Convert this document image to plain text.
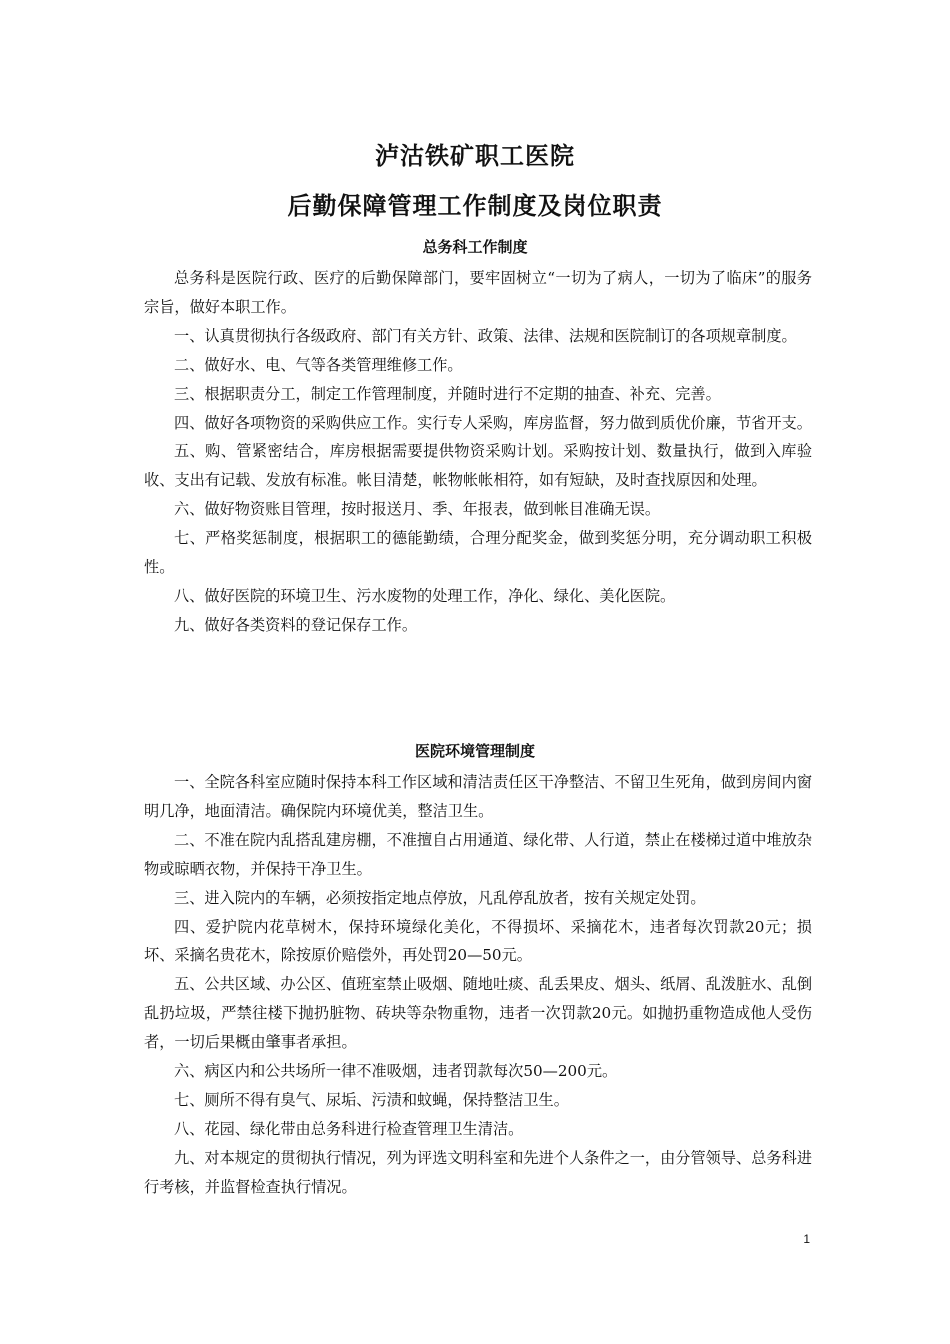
泸沽铁矿职工医院
后勤保障管理工作制度及岗位职责
总务科工作制度

总务科是医院行政、医疗的后勤保障部门，要牢固树立“一切为了病人，一切为了临床”的服务宗旨，做好本职工作。

一、认真贯彻执行各级政府、部门有关方针、政策、法律、法规和医院制订的各项规章制度。

二、做好水、电、气等各类管理维修工作。

三、根据职责分工，制定工作管理制度，并随时进行不定期的抽查、补充、完善。

四、做好各项物资的采购供应工作。实行专人采购，库房监督，努力做到质优价廉，节省开支。

五、购、管紧密结合，库房根据需要提供物资采购计划。采购按计划、数量执行，做到入库验收、支出有记载、发放有标准。帐目清楚，帐物帐帐相符，如有短缺，及时查找原因和处理。

六、做好物资账目管理，按时报送月、季、年报表，做到帐目准确无误。

七、严格奖惩制度，根据职工的德能勤绩，合理分配奖金，做到奖惩分明，充分调动职工积极性。

八、做好医院的环境卫生、污水废物的处理工作，净化、绿化、美化医院。

九、做好各类资料的登记保存工作。

医院环境管理制度

一、全院各科室应随时保持本科工作区域和清洁责任区干净整洁、不留卫生死角，做到房间内窗明几净，地面清洁。确保院内环境优美，整洁卫生。

二、不准在院内乱搭乱建房棚，不准擅自占用通道、绿化带、人行道，禁止在楼梯过道中堆放杂物或晾晒衣物，并保持干净卫生。

三、进入院内的车辆，必须按指定地点停放，凡乱停乱放者，按有关规定处罚。

四、爱护院内花草树木，保持环境绿化美化，不得损坏、采摘花木，违者每次罚款20元；损坏、采摘名贵花木，除按原价赔偿外，再处罚20—50元。

五、公共区域、办公区、值班室禁止吸烟、随地吐痰、乱丢果皮、烟头、纸屑、乱泼脏水、乱倒乱扔垃圾，严禁往楼下抛扔脏物、砖块等杂物重物，违者一次罚款20元。如抛扔重物造成他人受伤者，一切后果概由肇事者承担。

六、病区内和公共场所一律不准吸烟，违者罚款每次50—200元。

七、厕所不得有臭气、尿垢、污渍和蚊蝇，保持整洁卫生。

八、花园、绿化带由总务科进行检查管理卫生清洁。

九、对本规定的贯彻执行情况，列为评选文明科室和先进个人条件之一，由分管领导、总务科进行考核，并监督检查执行情况。

1
